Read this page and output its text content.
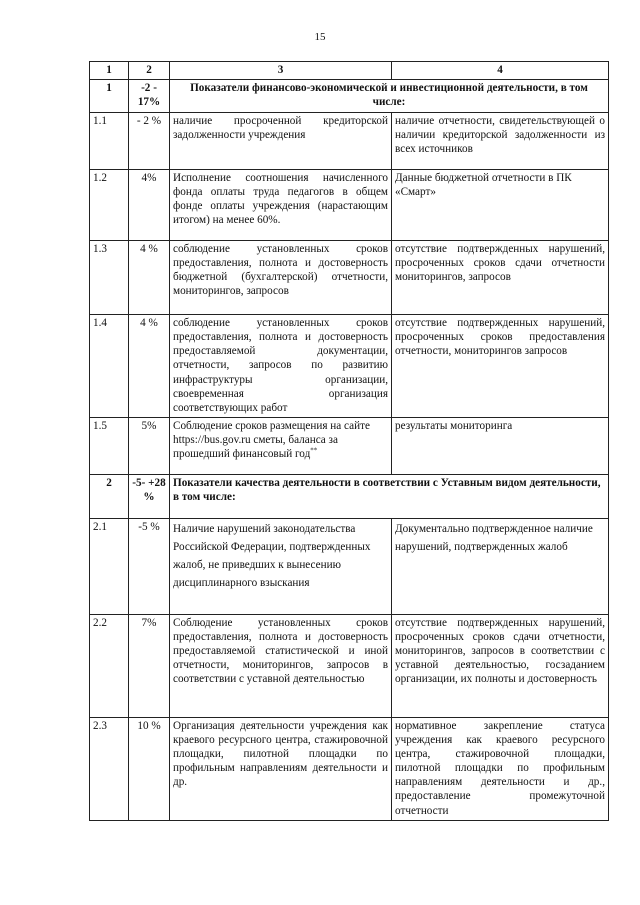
15
1	2	3	4
1	-2 - 17%	Показатели финансово-экономической и инвестиционной деятельности, в том числе:	
1.1	- 2 %	наличие просроченной кредиторской задолженности учреждения	наличие отчетности, свидетельствующей о наличии кредиторской задолженности из всех источников
1.2	4%	Исполнение соотношения начисленного фонда оплаты труда педагогов в общем фонде оплаты учреждения (нарастающим итогом) на менее 60%.	Данные бюджетной отчетности в ПК «Смарт»
1.3	4 %	соблюдение установленных сроков предоставления, полнота и достоверность бюджетной (бухгалтерской) отчетности, мониторингов, запросов	отсутствие подтвержденных нарушений, просроченных сроков сдачи отчетности мониторингов, запросов
1.4	4 %	соблюдение установленных сроков предоставления, полнота и достоверность предоставляемой документации, отчетности, запросов по развитию инфраструктуры организации, своевременная организация соответствующих работ	отсутствие подтвержденных нарушений, просроченных сроков предоставления отчетности, мониторингов запросов
1.5	5%	Соблюдение сроков размещения на сайте https://bus.gov.ru сметы, баланса за прошедший финансовый год**	результаты мониторинга
2	-5- +28 %	Показатели качества деятельности в соответствии с Уставным видом деятельности, в том числе:	
2.1	-5 %	Наличие нарушений законодательства Российской Федерации, подтвержденных жалоб, не приведших к вынесению дисциплинарного взыскания	Документально подтвержденное наличие нарушений, подтвержденных жалоб
2.2	7%	Соблюдение установленных сроков предоставления, полнота и достоверность предоставляемой статистической и иной отчетности, мониторингов, запросов в соответствии с уставной деятельностью	отсутствие подтвержденных нарушений, просроченных сроков сдачи отчетности, мониторингов, запросов в соответствии с уставной деятельностью, госзаданием организации, их полноты и достоверность
2.3	10 %	Организация деятельности учреждения как краевого ресурсного центра, стажировочной площадки, пилотной площадки по профильным направлениям деятельности и др.	нормативное закрепление статуса учреждения как краевого ресурсного центра, стажировочной площадки, пилотной площадки по профильным направлениям деятельности и др., предоставление промежуточной отчетности
